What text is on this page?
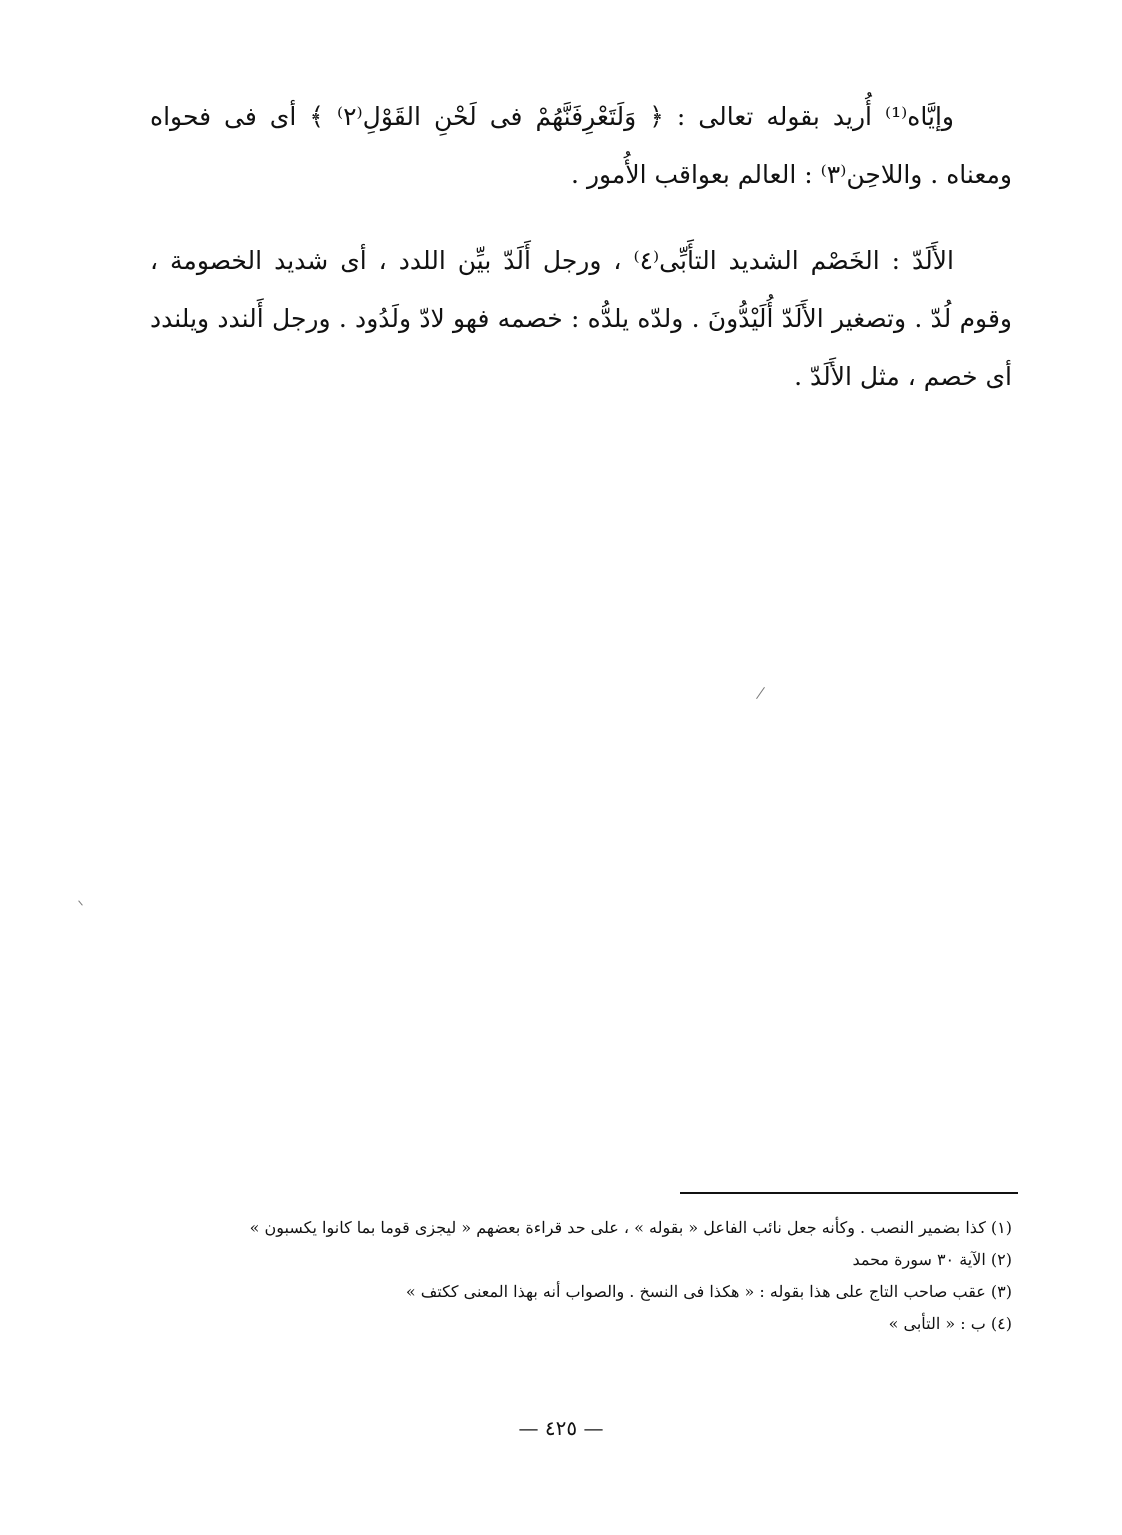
وإيَّاه⁽¹⁾ أُريد بقوله تعالى : ﴿ وَلَتَعْرِفَنَّهُمْ فى لَحْنِ القَوْلِ⁽٢⁾ ﴾ أى فى فحواه ومعناه . واللاحِن⁽٣⁾ : العالم بعواقب الأُمور .

الأَلَدّ : الخَصْم الشديد التأَبِّى⁽٤⁾ ، ورجل أَلَدّ بيِّن اللدد ، أى شديد الخصومة ، وقوم لُدّ . وتصغير الأَلَدّ أُلَيْدُّونَ . ولدّه يلدُّه : خصمه فهو لادّ ولَدُود . ورجل أَلندد ويلندد أى خصم ، مثل الأَلَدّ .

(١) كذا بضمير النصب . وكأنه جعل نائب الفاعل « بقوله » ، على حد قراءة بعضهم « ليجزى قوما بما كانوا يكسبون »

(٢) الآية ٣٠ سورة محمد

(٣) عقب صاحب التاج على هذا بقوله : « هكذا فى النسخ . والصواب أنه بهذا المعنى ككتف »

(٤) ب : « التأبى »

— ٤٢٥ —
